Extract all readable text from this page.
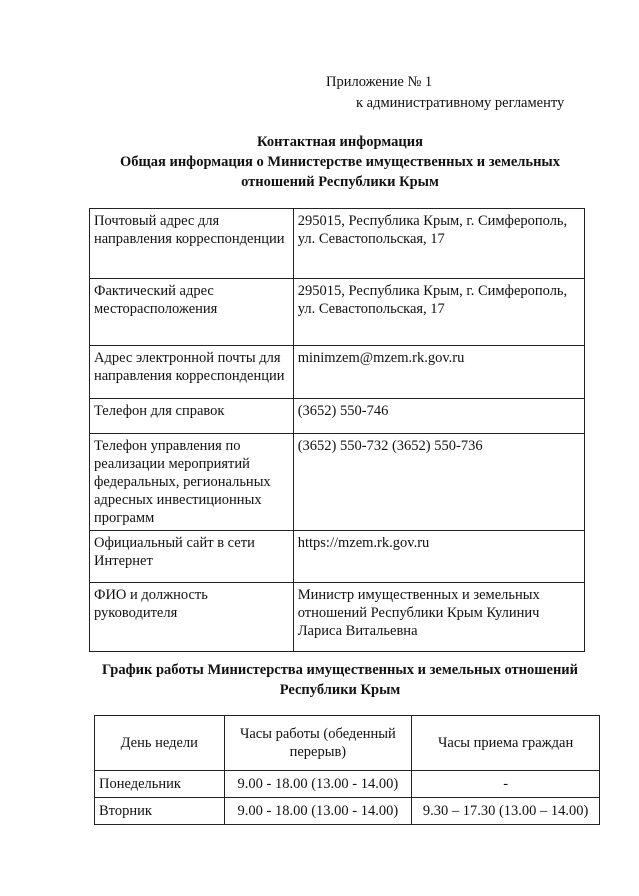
Приложение № 1
к административному регламенту
Контактная информация
Общая информация о Министерстве имущественных и земельных
отношений Республики Крым
Почтовый адрес для направления корреспонденции	295015, Республика Крым, г. Симферополь, ул. Севастопольская, 17
Фактический адрес месторасположения	295015, Республика Крым, г. Симферополь, ул. Севастопольская, 17
Адрес электронной почты для направления корреспонденции	minimzem@mzem.rk.gov.ru
Телефон для справок	(3652) 550-746
Телефон управления по реализации мероприятий федеральных, региональных адресных инвестиционных программ	(3652) 550-732 (3652) 550-736
Официальный сайт в сети Интернет	https://mzem.rk.gov.ru
ФИО и должность руководителя	Министр имущественных и земельных отношений Республики Крым Кулинич Лариса Витальевна
График работы Министерства имущественных и земельных отношений
Республики Крым
День недели	Часы работы (обеденный перерыв)	Часы приема граждан
Понедельник	9.00 - 18.00 (13.00 - 14.00)	-
Вторник	9.00 - 18.00 (13.00 - 14.00)	9.30 – 17.30 (13.00 – 14.00)
